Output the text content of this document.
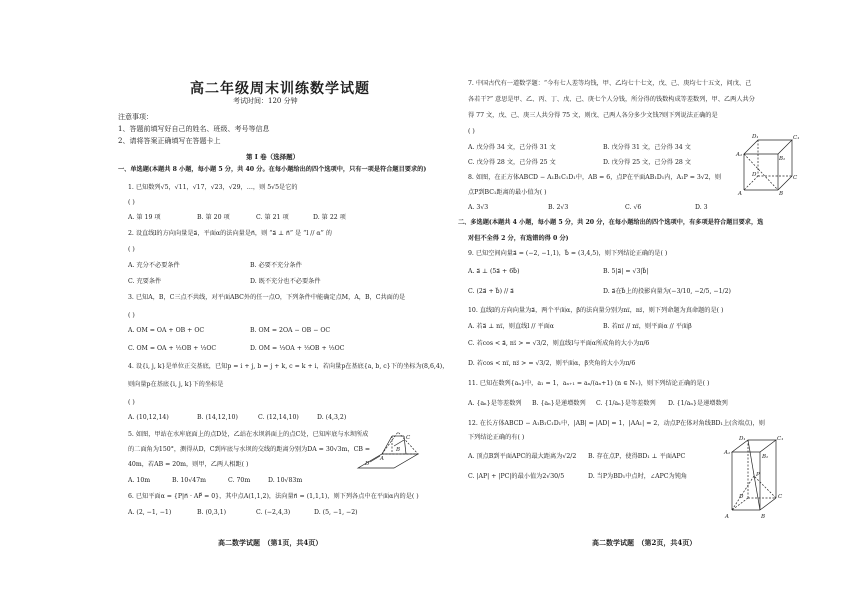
高二年级周末训练数学试题
考试时间：120 分钟
注意事项：
1、答题前填写好自己的姓名、班级、考号等信息
2、请将答案正确填写在答题卡上
第 I 卷（选择题）
一、单选题(本题共 8 小题，每小题 5 分，共 40 分。在每小题给出的四个选项中，只有一项是符合题目要求的)
1. 已知数列√5，√11，√17，√23，√29，…，则 5√5是它的
( )
A. 第 19 项	B. 第 20 项	C. 第 21 项	D. 第 22 项
2. 设直线l的方向向量是a⃗，平面α的法向量是n⃗，则 “a⃗ ⊥ n⃗” 是 “l // α” 的
( )
A. 充分不必要条件	B. 必要不充分条件
C. 充要条件	D. 既不充分也不必要条件
3. 已知A，B，C三点不共线，对平面ABC外的任一点O，下列条件中能确定点M，A，B，C共面的是
( )
A. OM = OA + OB + OC	B. OM = 2OA − OB − OC
C. OM = OA + ½OB + ⅓OC	D. OM = ⅓OA + ⅓OB + ⅓OC
4. 设{i, j, k}是单位正交基底，已知p = i + j, b = j + k, c = k + i，若向量p在基底{a, b, c}下的坐标为(8,6,4)，
则向量p在基底{i, j, k}下的坐标是
( )
A. (10,12,14)	B. (14,12,10)	C. (12,14,10)	D. (4,3,2)
5. 如图，甲站在水库底面上的点D处，乙站在水坝斜面上的点C处，已知库底与水坝所成
的二面角为150°，测得从D，C到库底与水坝的交线的距离分别为DA = 30√3m，CB =
40m，若AB = 20m，则甲，乙两人相距( )
A. 10m	B. 10√47m	C. 70m	D. 10√83m
D
C
A
B
6. 已知平面α = {P|n⃗ · AP⃗ = 0}，其中点A(1,1,2)，法向量n⃗ = (1,1,1)，则下列各点中在平面α内的是( )
A. (2, −1, −1)	B. (0,3,1)	C. (−2,4,3)	D. (5, −1, −2)
高二数学试题　（第1页，共4页）
7. 中国古代有一道数学题：“今有七人差等均钱，甲、乙均七十七文，戊、己、庚均七十五文，问戊、己
各若干?” 意思是甲、乙、丙、丁、戊、己、庚七个人分钱，所分得的钱数构成等差数列，甲、乙两人共分
得 77 文，戊、己、庚三人共分得 75 文，则戊、己两人各分多少文钱?则下列说法正确的是
( )
A. 戊分得 34 文，己分得 31 文	B. 戊分得 31 文，己分得 34 文
C. 戊分得 28 文，己分得 25 文	D. 戊分得 25 文，己分得 28 文
8. 如图，在正方体ABCD − A₁B₁C₁D₁中，AB = 6，点P在平面AB₁D₁内，A₁P = 3√2，则
点P到BC₁距离的最小值为( )
A. 3√3	B. 2√3	C. √6	D. 3
D₁	C₁
A₁
B₁
D	C
A	B
二、多选题(本题共 4 小题，每小题 5 分，共 20 分，在每小题给出的四个选项中，有多项是符合题目要求，选
对但不全得 2 分，有选错的得 0 分)
9. 已知空间向量a⃗ = (−2, −1,1)，b⃗ = (3,4,5)，则下列结论正确的是( )
A. a⃗ ⊥ (5a⃗ + 6b⃗)	B. 5|a⃗| = √3|b⃗|
C. (2a⃗ + b⃗) // a⃗	D. a⃗在b⃗上的投影向量为(−3/10, −2/5, −1/2)
10. 直线l的方向向量为a⃗，两个平面α，β的法向量分别为n₁⃗，n₂⃗，则下列命题为真命题的是( )
A. 若a⃗ ⊥ n₁⃗，则直线l // 平面α	B. 若n₁⃗ // n₂⃗，则平面α // 平面β
C. 若cos < a⃗, n₁⃗ > = √3/2，则直线l与平面α所成角的大小为π/6
D. 若cos < n₁⃗, n₂⃗ > = √3/2，则平面α，β夹角的大小为π/6
11. 已知在数列{aₙ}中，a₁ = 1，aₙ₊₁ = aₙ/(aₙ+1) (n ∈ N₊)，则下列结论正确的是( )
A. {aₙ}是等差数列 B. {aₙ}是递增数列 C. {1/aₙ}是等差数列 D. {1/aₙ}是递增数列
12. 在长方体ABCD − A₁B₁C₁D₁中，|AB| = |AD| = 1，|AA₁| = 2，动点P在体对角线BD₁上(含端点)，则
下列结论正确的有( )
A. 顶点B到平面APC的最大距离为√2/2 B. 存在点P，使得BD₁ ⊥ 平面APC
C. |AP| + |PC|的最小值为2√30/5	D. 当P为BD₁中点时，∠APC为钝角
D₁	C₁
A₁
B₁
P
D	C
A	B
高二数学试题　（第2页，共4页）
